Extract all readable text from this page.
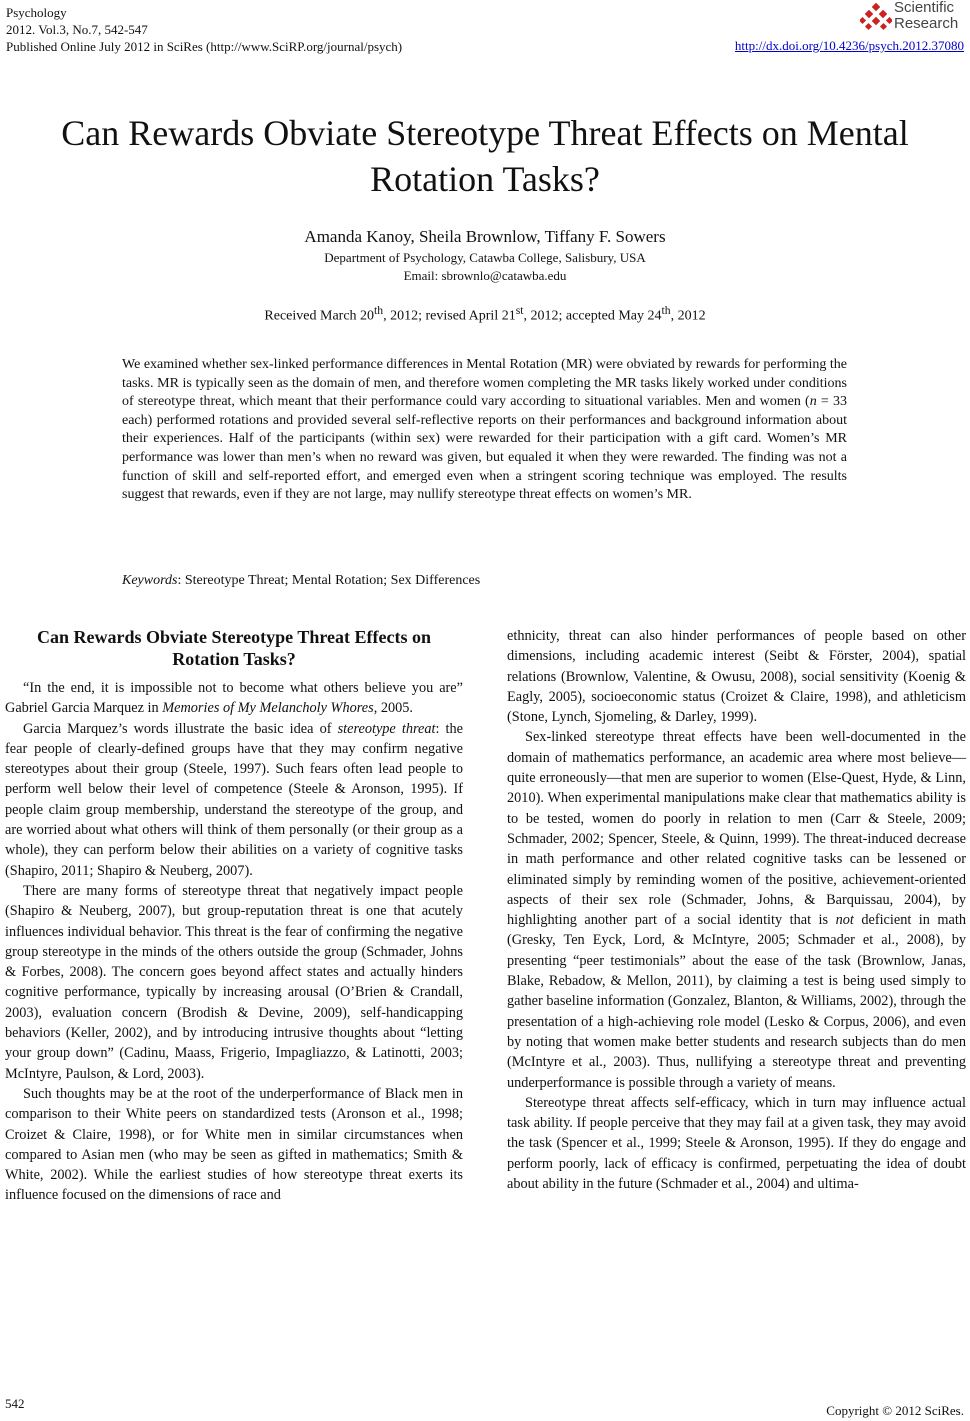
Psychology
2012. Vol.3, No.7, 542-547
Published Online July 2012 in SciRes (http://www.SciRP.org/journal/psych)
Scientific
Research
http://dx.doi.org/10.4236/psych.2012.37080
Can Rewards Obviate Stereotype Threat Effects on Mental Rotation Tasks?
Amanda Kanoy, Sheila Brownlow, Tiffany F. Sowers
Department of Psychology, Catawba College, Salisbury, USA
Email: sbrownlo@catawba.edu
Received March 20th, 2012; revised April 21st, 2012; accepted May 24th, 2012
We examined whether sex-linked performance differences in Mental Rotation (MR) were obviated by rewards for performing the tasks. MR is typically seen as the domain of men, and therefore women completing the MR tasks likely worked under conditions of stereotype threat, which meant that their performance could vary according to situational variables. Men and women (n = 33 each) performed rotations and provided several self-reflective reports on their performances and background information about their experiences. Half of the participants (within sex) were rewarded for their participation with a gift card. Women’s MR performance was lower than men’s when no reward was given, but equaled it when they were rewarded. The finding was not a function of skill and self-reported effort, and emerged even when a stringent scoring technique was employed. The results suggest that rewards, even if they are not large, may nullify stereotype threat effects on women’s MR.
Keywords: Stereotype Threat; Mental Rotation; Sex Differences
Can Rewards Obviate Stereotype Threat Effects on Rotation Tasks?

“In the end, it is impossible not to become what others believe you are” Gabriel Garcia Marquez in Memories of My Melancholy Whores, 2005.

Garcia Marquez’s words illustrate the basic idea of stereotype threat: the fear people of clearly-defined groups have that they may confirm negative stereotypes about their group (Steele, 1997). Such fears often lead people to perform well below their level of competence (Steele & Aronson, 1995). If people claim group membership, understand the stereotype of the group, and are worried about what others will think of them personally (or their group as a whole), they can perform below their abilities on a variety of cognitive tasks (Shapiro, 2011; Shapiro & Neuberg, 2007).

There are many forms of stereotype threat that negatively impact people (Shapiro & Neuberg, 2007), but group-reputation threat is one that acutely influences individual behavior. This threat is the fear of confirming the negative group stereotype in the minds of the others outside the group (Schmader, Johns & Forbes, 2008). The concern goes beyond affect states and actually hinders cognitive performance, typically by increasing arousal (O’Brien & Crandall, 2003), evaluation concern (Brodish & Devine, 2009), self-handicapping behaviors (Keller, 2002), and by introducing intrusive thoughts about “letting your group down” (Cadinu, Maass, Frigerio, Impagliazzo, & Latinotti, 2003; McIntyre, Paulson, & Lord, 2003).

Such thoughts may be at the root of the underperformance of Black men in comparison to their White peers on standardized tests (Aronson et al., 1998; Croizet & Claire, 1998), or for White men in similar circumstances when compared to Asian men (who may be seen as gifted in mathematics; Smith & White, 2002). While the earliest studies of how stereotype threat exerts its influence focused on the dimensions of race and

ethnicity, threat can also hinder performances of people based on other dimensions, including academic interest (Seibt & Förster, 2004), spatial relations (Brownlow, Valentine, & Owusu, 2008), social sensitivity (Koenig & Eagly, 2005), socioeconomic status (Croizet & Claire, 1998), and athleticism (Stone, Lynch, Sjomeling, & Darley, 1999).

Sex-linked stereotype threat effects have been well-documented in the domain of mathematics performance, an academic area where most believe—quite erroneously—that men are superior to women (Else-Quest, Hyde, & Linn, 2010). When experimental manipulations make clear that mathematics ability is to be tested, women do poorly in relation to men (Carr & Steele, 2009; Schmader, 2002; Spencer, Steele, & Quinn, 1999). The threat-induced decrease in math performance and other related cognitive tasks can be lessened or eliminated simply by reminding women of the positive, achievement-oriented aspects of their sex role (Schmader, Johns, & Barquissau, 2004), by highlighting another part of a social identity that is not deficient in math (Gresky, Ten Eyck, Lord, & McIntyre, 2005; Schmader et al., 2008), by presenting “peer testimonials” about the ease of the task (Brownlow, Janas, Blake, Rebadow, & Mellon, 2011), by claiming a test is being used simply to gather baseline information (Gonzalez, Blanton, & Williams, 2002), through the presentation of a high-achieving role model (Lesko & Corpus, 2006), and even by noting that women make better students and research subjects than do men (McIntyre et al., 2003). Thus, nullifying a stereotype threat and preventing underperformance is possible through a variety of means.

Stereotype threat affects self-efficacy, which in turn may influence actual task ability. If people perceive that they may fail at a given task, they may avoid the task (Spencer et al., 1999; Steele & Aronson, 1995). If they do engage and perform poorly, lack of efficacy is confirmed, perpetuating the idea of doubt about ability in the future (Schmader et al., 2004) and ultima-

542	Copyright © 2012 SciRes.
